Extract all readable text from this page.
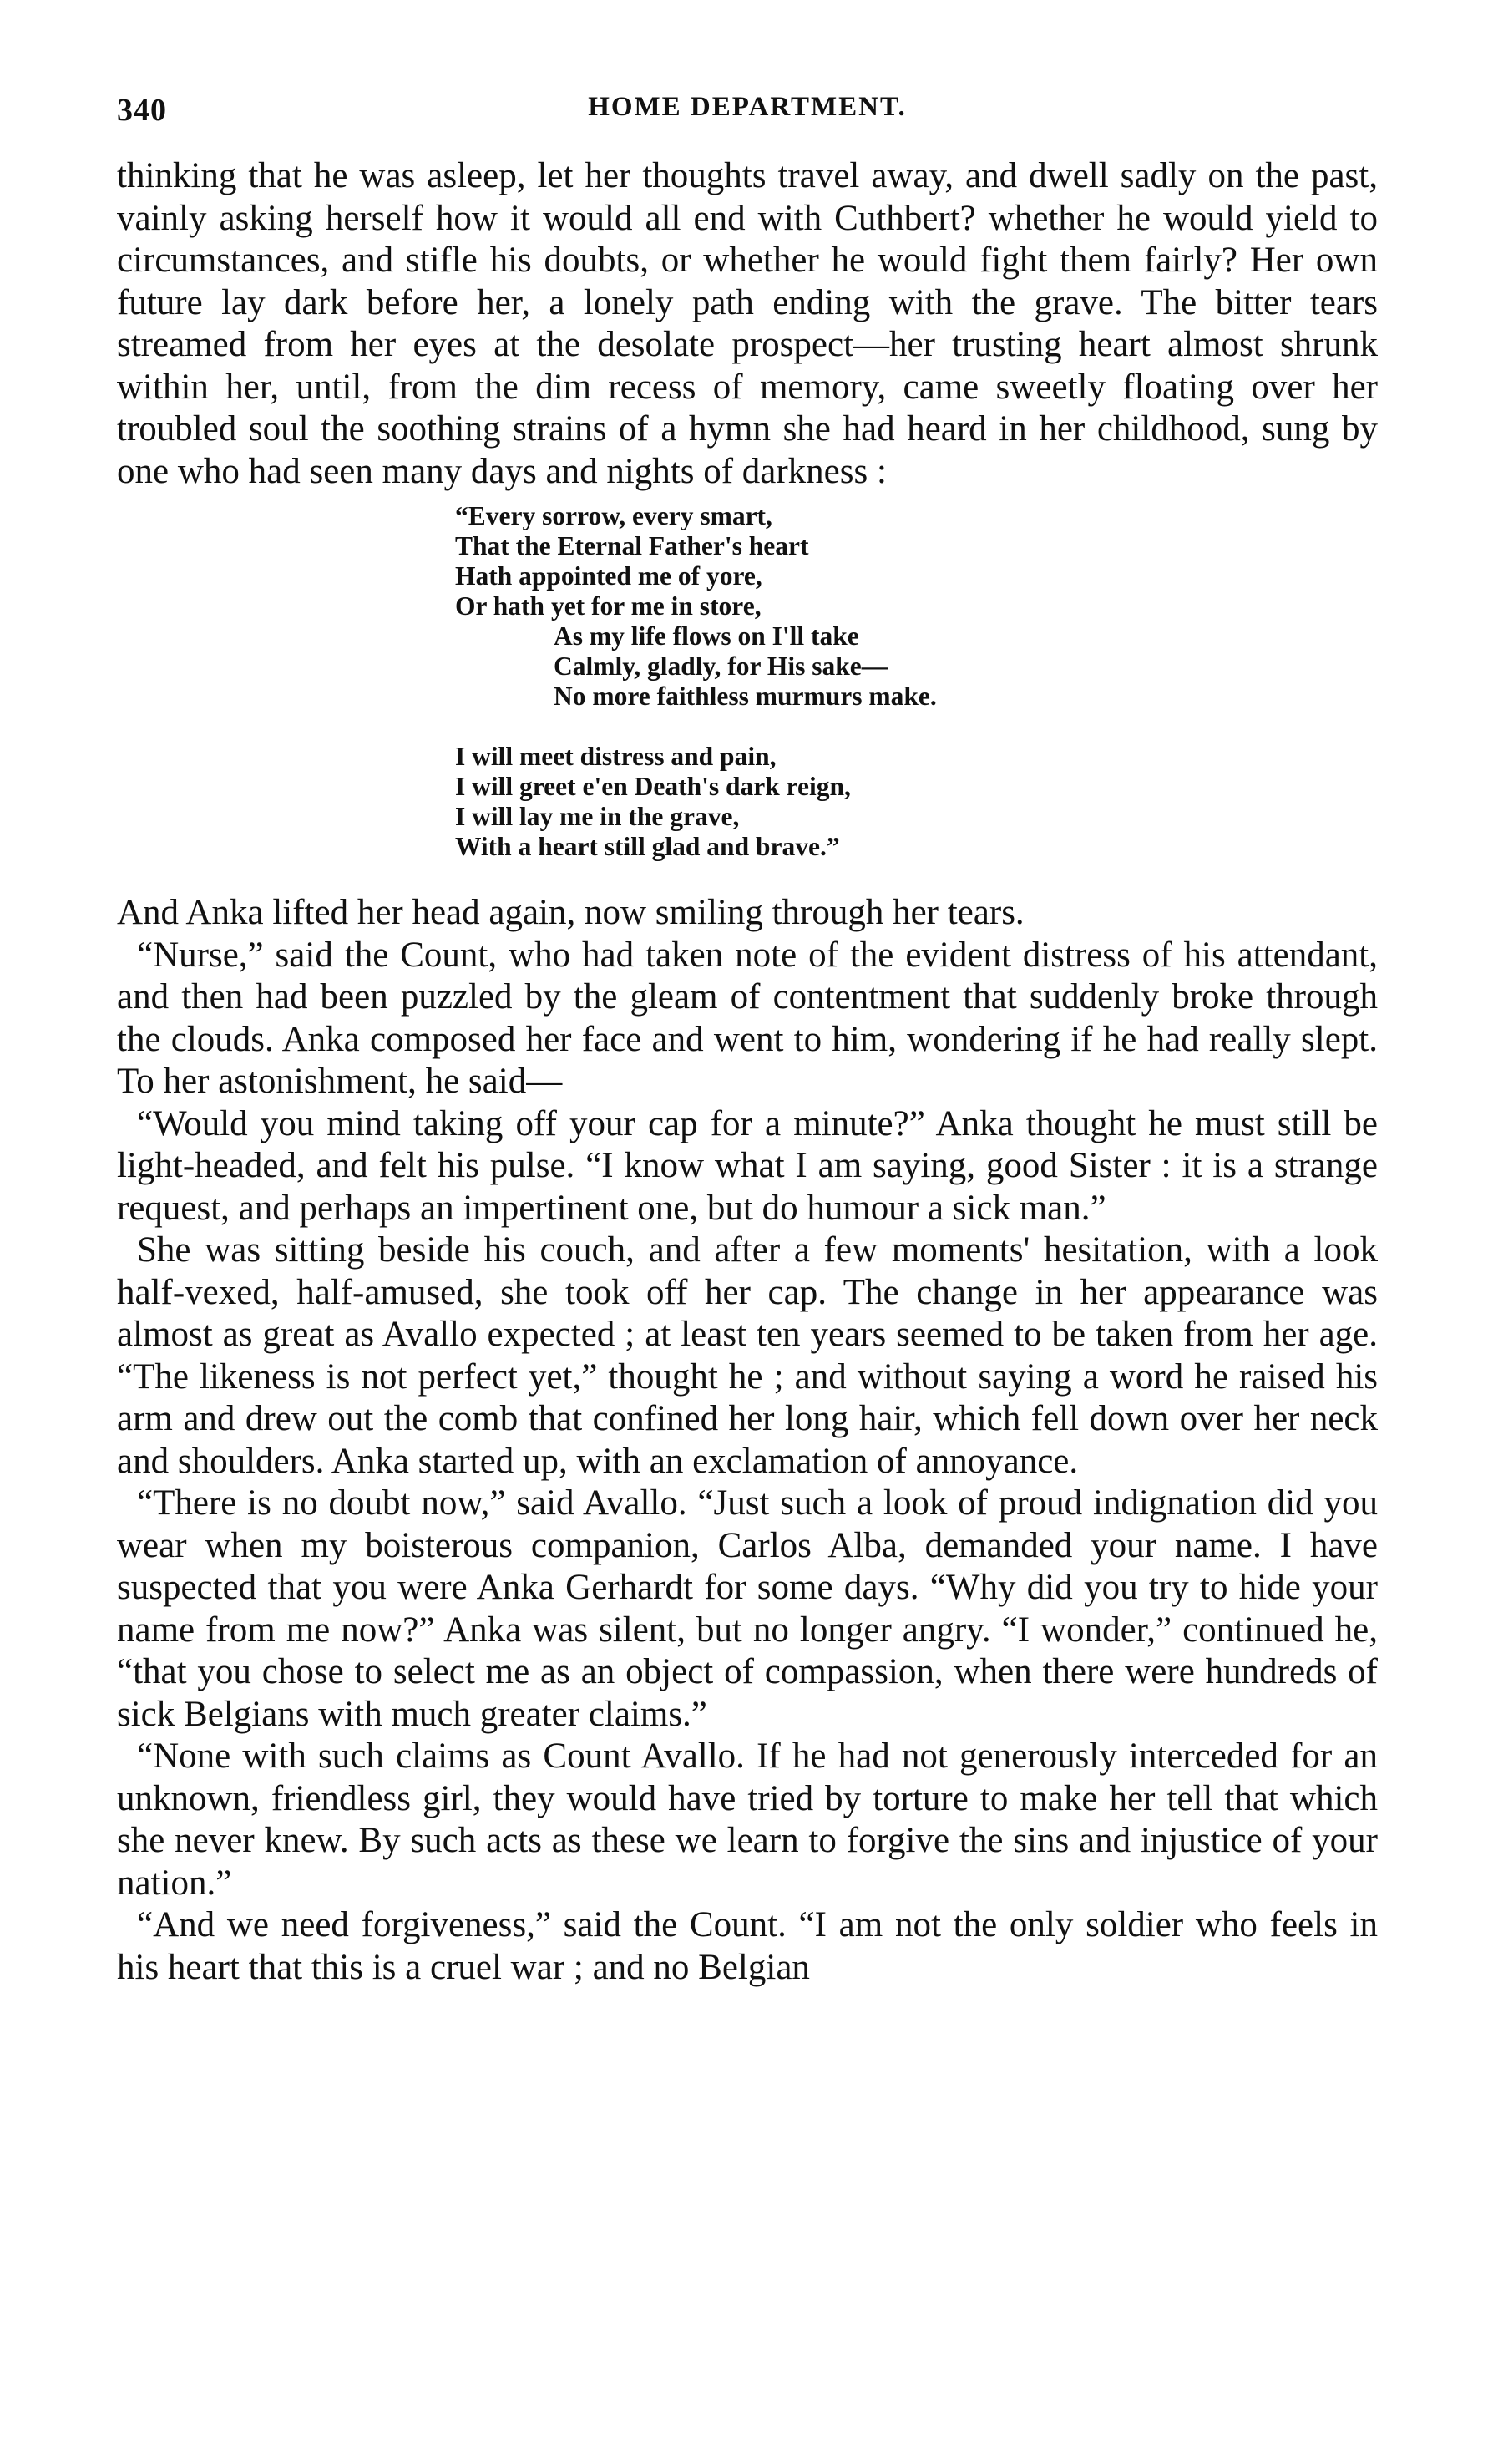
340	HOME DEPARTMENT.

thinking that he was asleep, let her thoughts travel away, and dwell sadly on the past, vainly asking herself how it would all end with Cuthbert? whether he would yield to circumstances, and stifle his doubts, or whether he would fight them fairly? Her own future lay dark before her, a lonely path ending with the grave. The bitter tears streamed from her eyes at the desolate prospect—her trusting heart almost shrunk within her, until, from the dim recess of memory, came sweetly floating over her troubled soul the soothing strains of a hymn she had heard in her childhood, sung by one who had seen many days and nights of darkness :

“Every sorrow, every smart,
That the Eternal Father's heart
Hath appointed me of yore,
Or hath yet for me in store,
As my life flows on I'll take
Calmly, gladly, for His sake—
No more faithless murmurs make.
I will meet distress and pain,
I will greet e'en Death's dark reign,
I will lay me in the grave,
With a heart still glad and brave.”

And Anka lifted her head again, now smiling through her tears.

“Nurse,” said the Count, who had taken note of the evident distress of his attendant, and then had been puzzled by the gleam of contentment that suddenly broke through the clouds. Anka composed her face and went to him, wondering if he had really slept. To her astonishment, he said—

“Would you mind taking off your cap for a minute?” Anka thought he must still be light-headed, and felt his pulse. “I know what I am saying, good Sister : it is a strange request, and perhaps an impertinent one, but do humour a sick man.”

She was sitting beside his couch, and after a few moments' hesitation, with a look half-vexed, half-amused, she took off her cap. The change in her appearance was almost as great as Avallo expected ; at least ten years seemed to be taken from her age. “The likeness is not perfect yet,” thought he ; and without saying a word he raised his arm and drew out the comb that confined her long hair, which fell down over her neck and shoulders. Anka started up, with an exclamation of annoyance.

“There is no doubt now,” said Avallo. “Just such a look of proud indignation did you wear when my boisterous companion, Carlos Alba, demanded your name. I have suspected that you were Anka Gerhardt for some days. “Why did you try to hide your name from me now?” Anka was silent, but no longer angry. “I wonder,” continued he, “that you chose to select me as an object of compassion, when there were hundreds of sick Belgians with much greater claims.”

“None with such claims as Count Avallo. If he had not generously interceded for an unknown, friendless girl, they would have tried by torture to make her tell that which she never knew. By such acts as these we learn to forgive the sins and injustice of your nation.”

“And we need forgiveness,” said the Count. “I am not the only soldier who feels in his heart that this is a cruel war ; and no Belgian
